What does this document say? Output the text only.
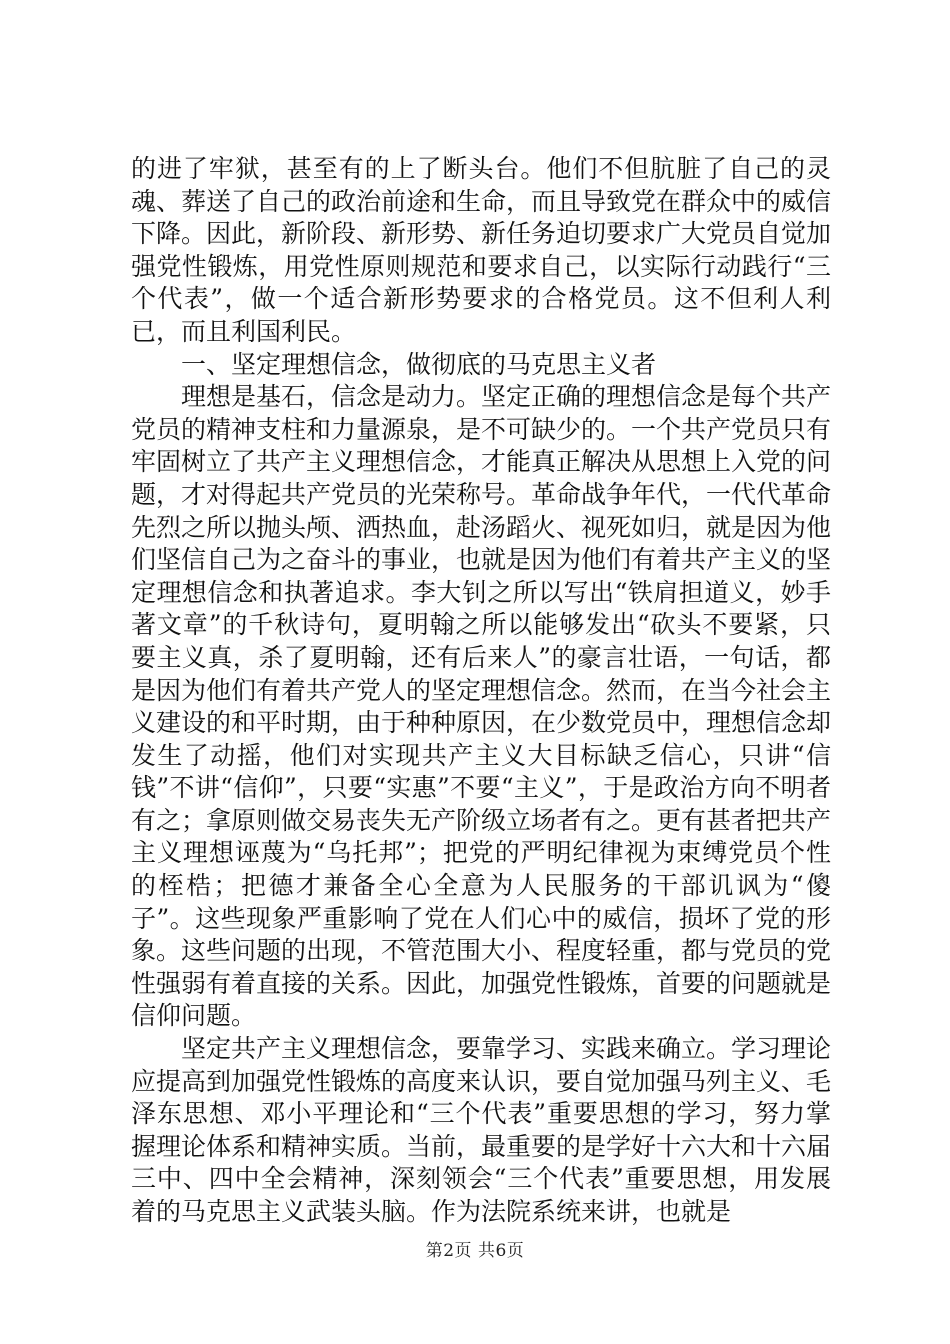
的进了牢狱，甚至有的上了断头台。他们不但肮脏了自己的灵魂、葬送了自己的政治前途和生命，而且导致党在群众中的威信下降。因此，新阶段、新形势、新任务迫切要求广大党员自觉加强党性锻炼，用党性原则规范和要求自己，以实际行动践行“三个代表”，做一个适合新形势要求的合格党员。这不但利人利已，而且利国利民。

一、坚定理想信念，做彻底的马克思主义者

理想是基石，信念是动力。坚定正确的理想信念是每个共产党员的精神支柱和力量源泉，是不可缺少的。一个共产党员只有牢固树立了共产主义理想信念，才能真正解决从思想上入党的问题，才对得起共产党员的光荣称号。革命战争年代，一代代革命先烈之所以抛头颅、洒热血，赴汤蹈火、视死如归，就是因为他们坚信自己为之奋斗的事业，也就是因为他们有着共产主义的坚定理想信念和执著追求。李大钊之所以写出“铁肩担道义，妙手著文章”的千秋诗句，夏明翰之所以能够发出“砍头不要紧，只要主义真，杀了夏明翰，还有后来人”的豪言壮语，一句话，都是因为他们有着共产党人的坚定理想信念。然而，在当今社会主义建设的和平时期，由于种种原因，在少数党员中，理想信念却发生了动摇，他们对实现共产主义大目标缺乏信心，只讲“信钱”不讲“信仰”，只要“实惠”不要“主义”，于是政治方向不明者有之；拿原则做交易丧失无产阶级立场者有之。更有甚者把共产主义理想诬蔑为“乌托邦”；把党的严明纪律视为束缚党员个性的桎梏；把德才兼备全心全意为人民服务的干部讥讽为“傻子”。这些现象严重影响了党在人们心中的威信，损坏了党的形象。这些问题的出现，不管范围大小、程度轻重，都与党员的党性强弱有着直接的关系。因此，加强党性锻炼，首要的问题就是信仰问题。

坚定共产主义理想信念，要靠学习、实践来确立。学习理论应提高到加强党性锻炼的高度来认识，要自觉加强马列主义、毛泽东思想、邓小平理论和“三个代表”重要思想的学习，努力掌握理论体系和精神实质。当前，最重要的是学好十六大和十六届三中、四中全会精神，深刻领会“三个代表”重要思想，用发展着的马克思主义武装头脑。作为法院系统来讲，也就是

第2页 共6页
